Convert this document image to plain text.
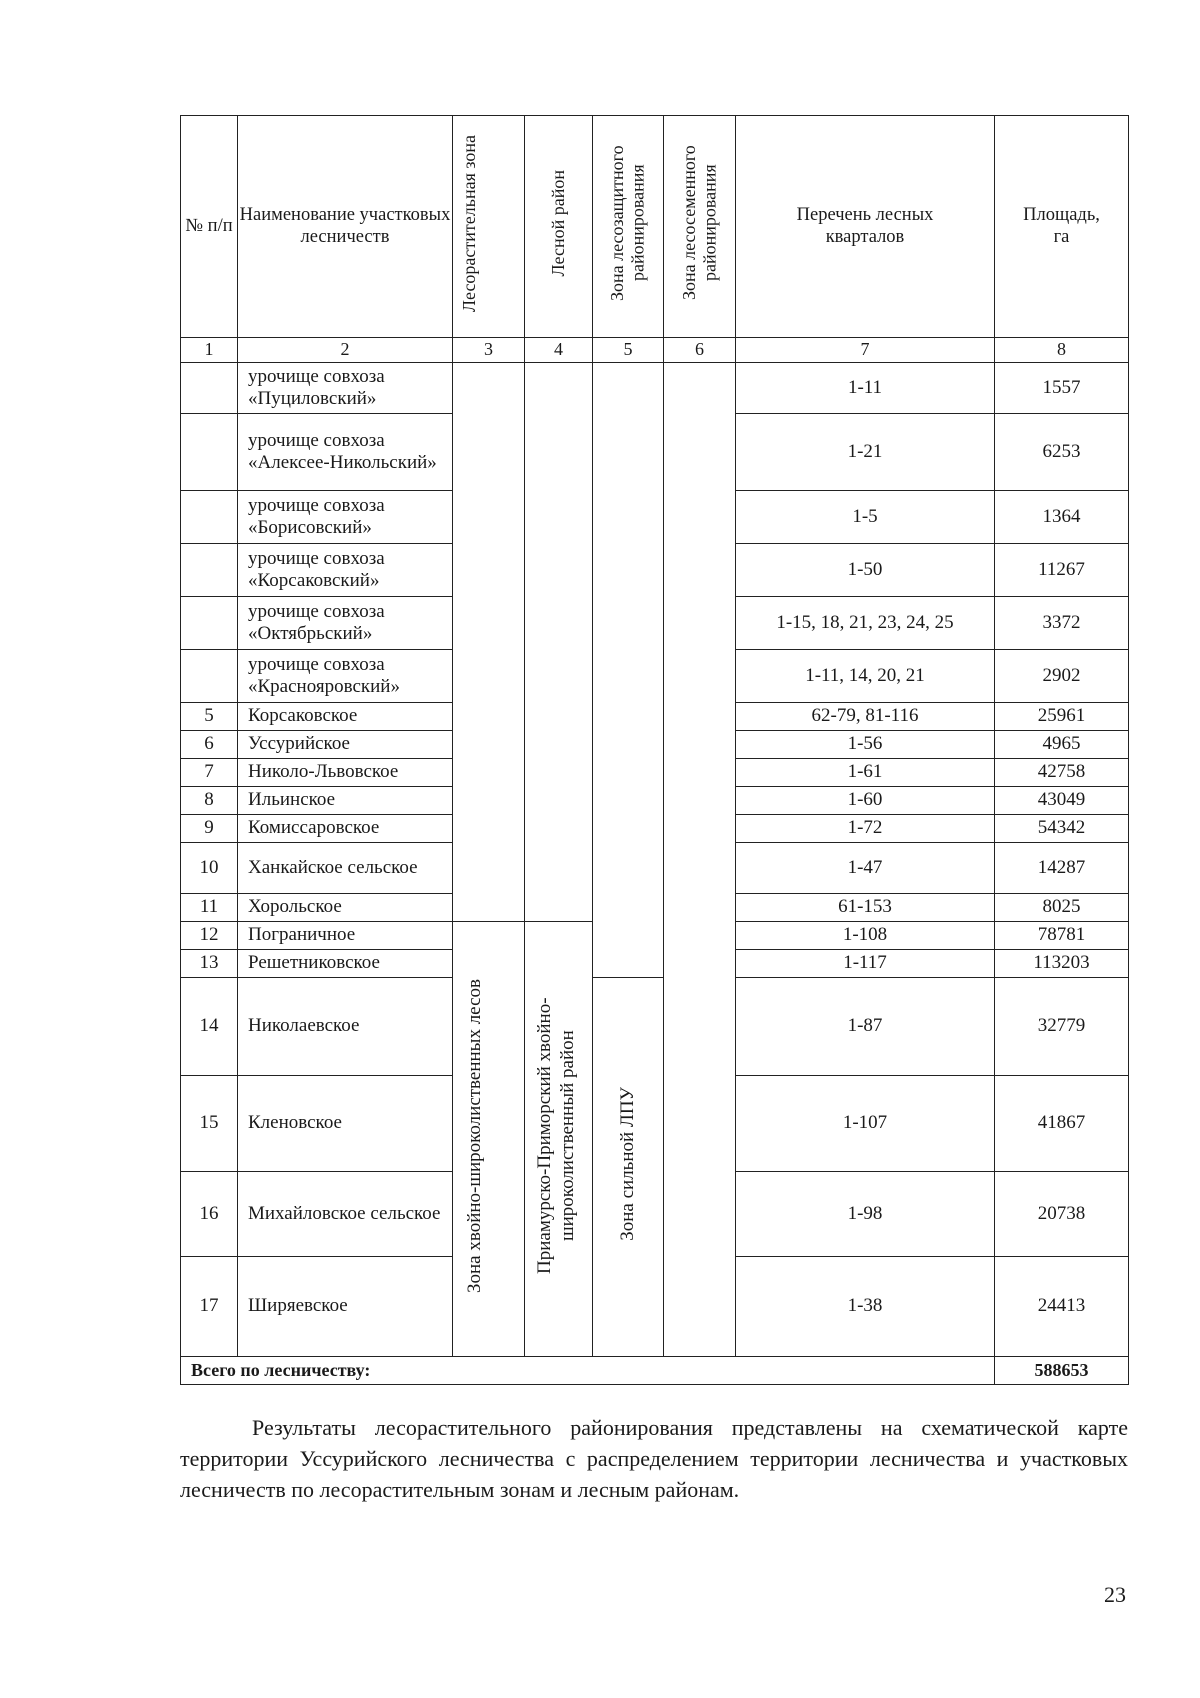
№ п/п	Наименование участковых лесничеств	Лесорастительная зона	Лесной район	Зона лесозащитного районирования	Зона лесосеменного районирования	Перечень лесных кварталов	Площадь, га
1	2	3	4	5	6	7	8
	урочище совхоза «Пуциловский»					1-11	1557
	урочище совхоза «Алексее-Никольский»					1-21	6253
	урочище совхоза «Борисовский»					1-5	1364
	урочище совхоза «Корсаковский»					1-50	11267
	урочище совхоза «Октябрьский»					1-15, 18, 21, 23, 24, 25	3372
	урочище совхоза «Краснояровский»					1-11, 14, 20, 21	2902
5	Корсаковское					62-79, 81-116	25961
6	Уссурийское					1-56	4965
7	Николо-Львовское					1-61	42758
8	Ильинское					1-60	43049
9	Комиссаровское					1-72	54342
10	Ханкайское сельское					1-47	14287
11	Хорольское					61-153	8025
12	Пограничное	Зона хвойно-широколиственных лесов	Приамурско-Приморский хвойно-широколиственный район			1-108	78781
13	Решетниковское					1-117	113203
14	Николаевское			Зона сильной ЛПУ		1-87	32779
15	Кленовское					1-107	41867
16	Михайловское сельское					1-98	20738
17	Ширяевское					1-38	24413
Всего по лесничеству:							588653

Результаты лесорастительного районирования представлены на схематической карте территории Уссурийского лесничества с распределением территории лесничества и участковых лесничеств по лесорастительным зонам и лесным районам.

23
